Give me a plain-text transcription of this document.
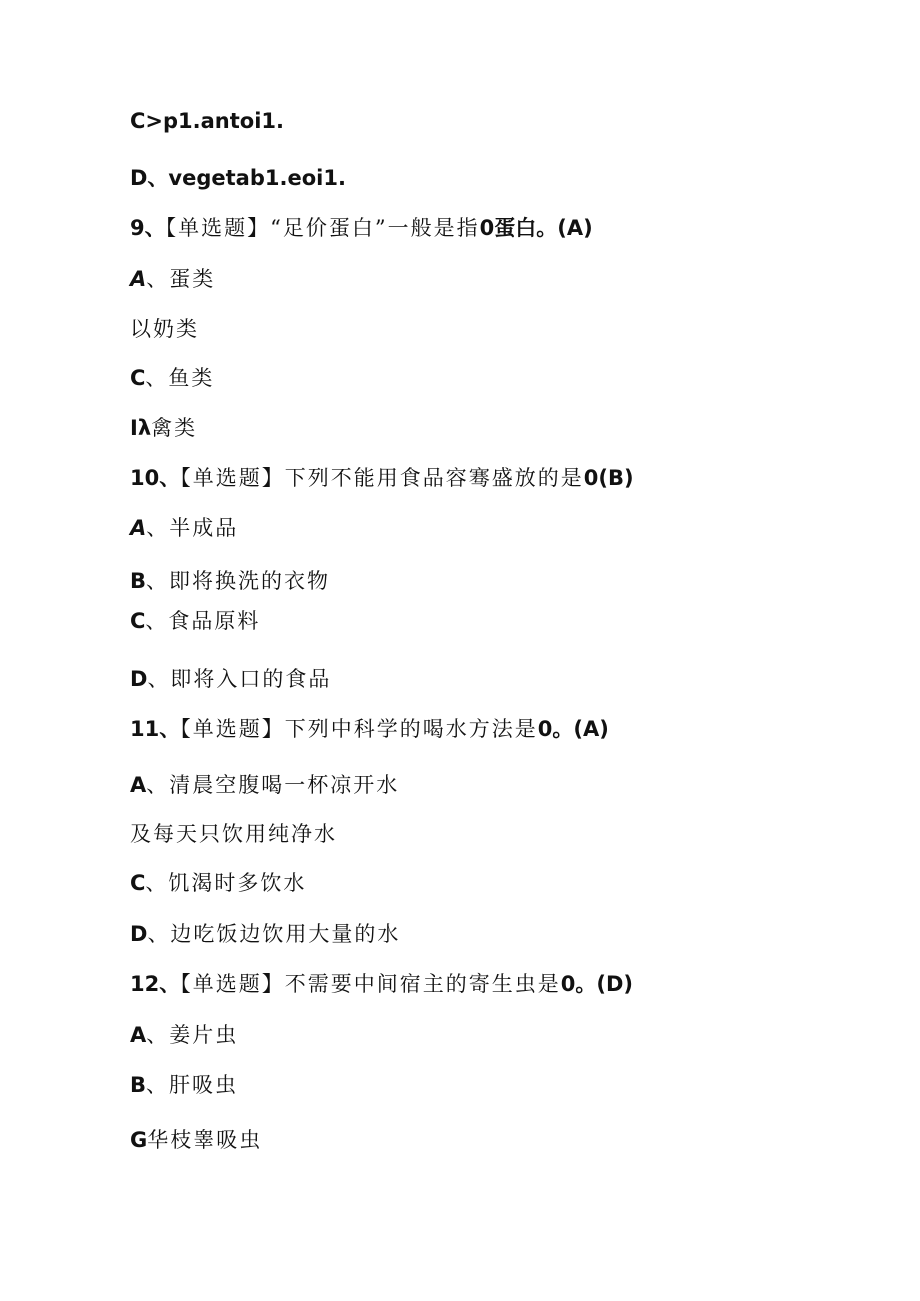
C>p1.antoi1.
D、vegetab1.eoi1.
9、【单选题】“足价蛋白”一般是指0蛋白。(A)
A、蛋类
以奶类
C、鱼类
Iλ禽类
10、【单选题】下列不能用食品容骞盛放的是0(B)
A、半成品
B、即将换洗的衣物
C、食品原料
D、即将入口的食品
11、【单选题】下列中科学的喝水方法是0。(A)
A、清晨空腹喝一杯凉开水
及每天只饮用纯净水
C、饥渴时多饮水
D、边吃饭边饮用大量的水
12、【单选题】不需要中间宿主的寄生虫是0。(D)
A、姜片虫
B、肝吸虫
G华枝睾吸虫
